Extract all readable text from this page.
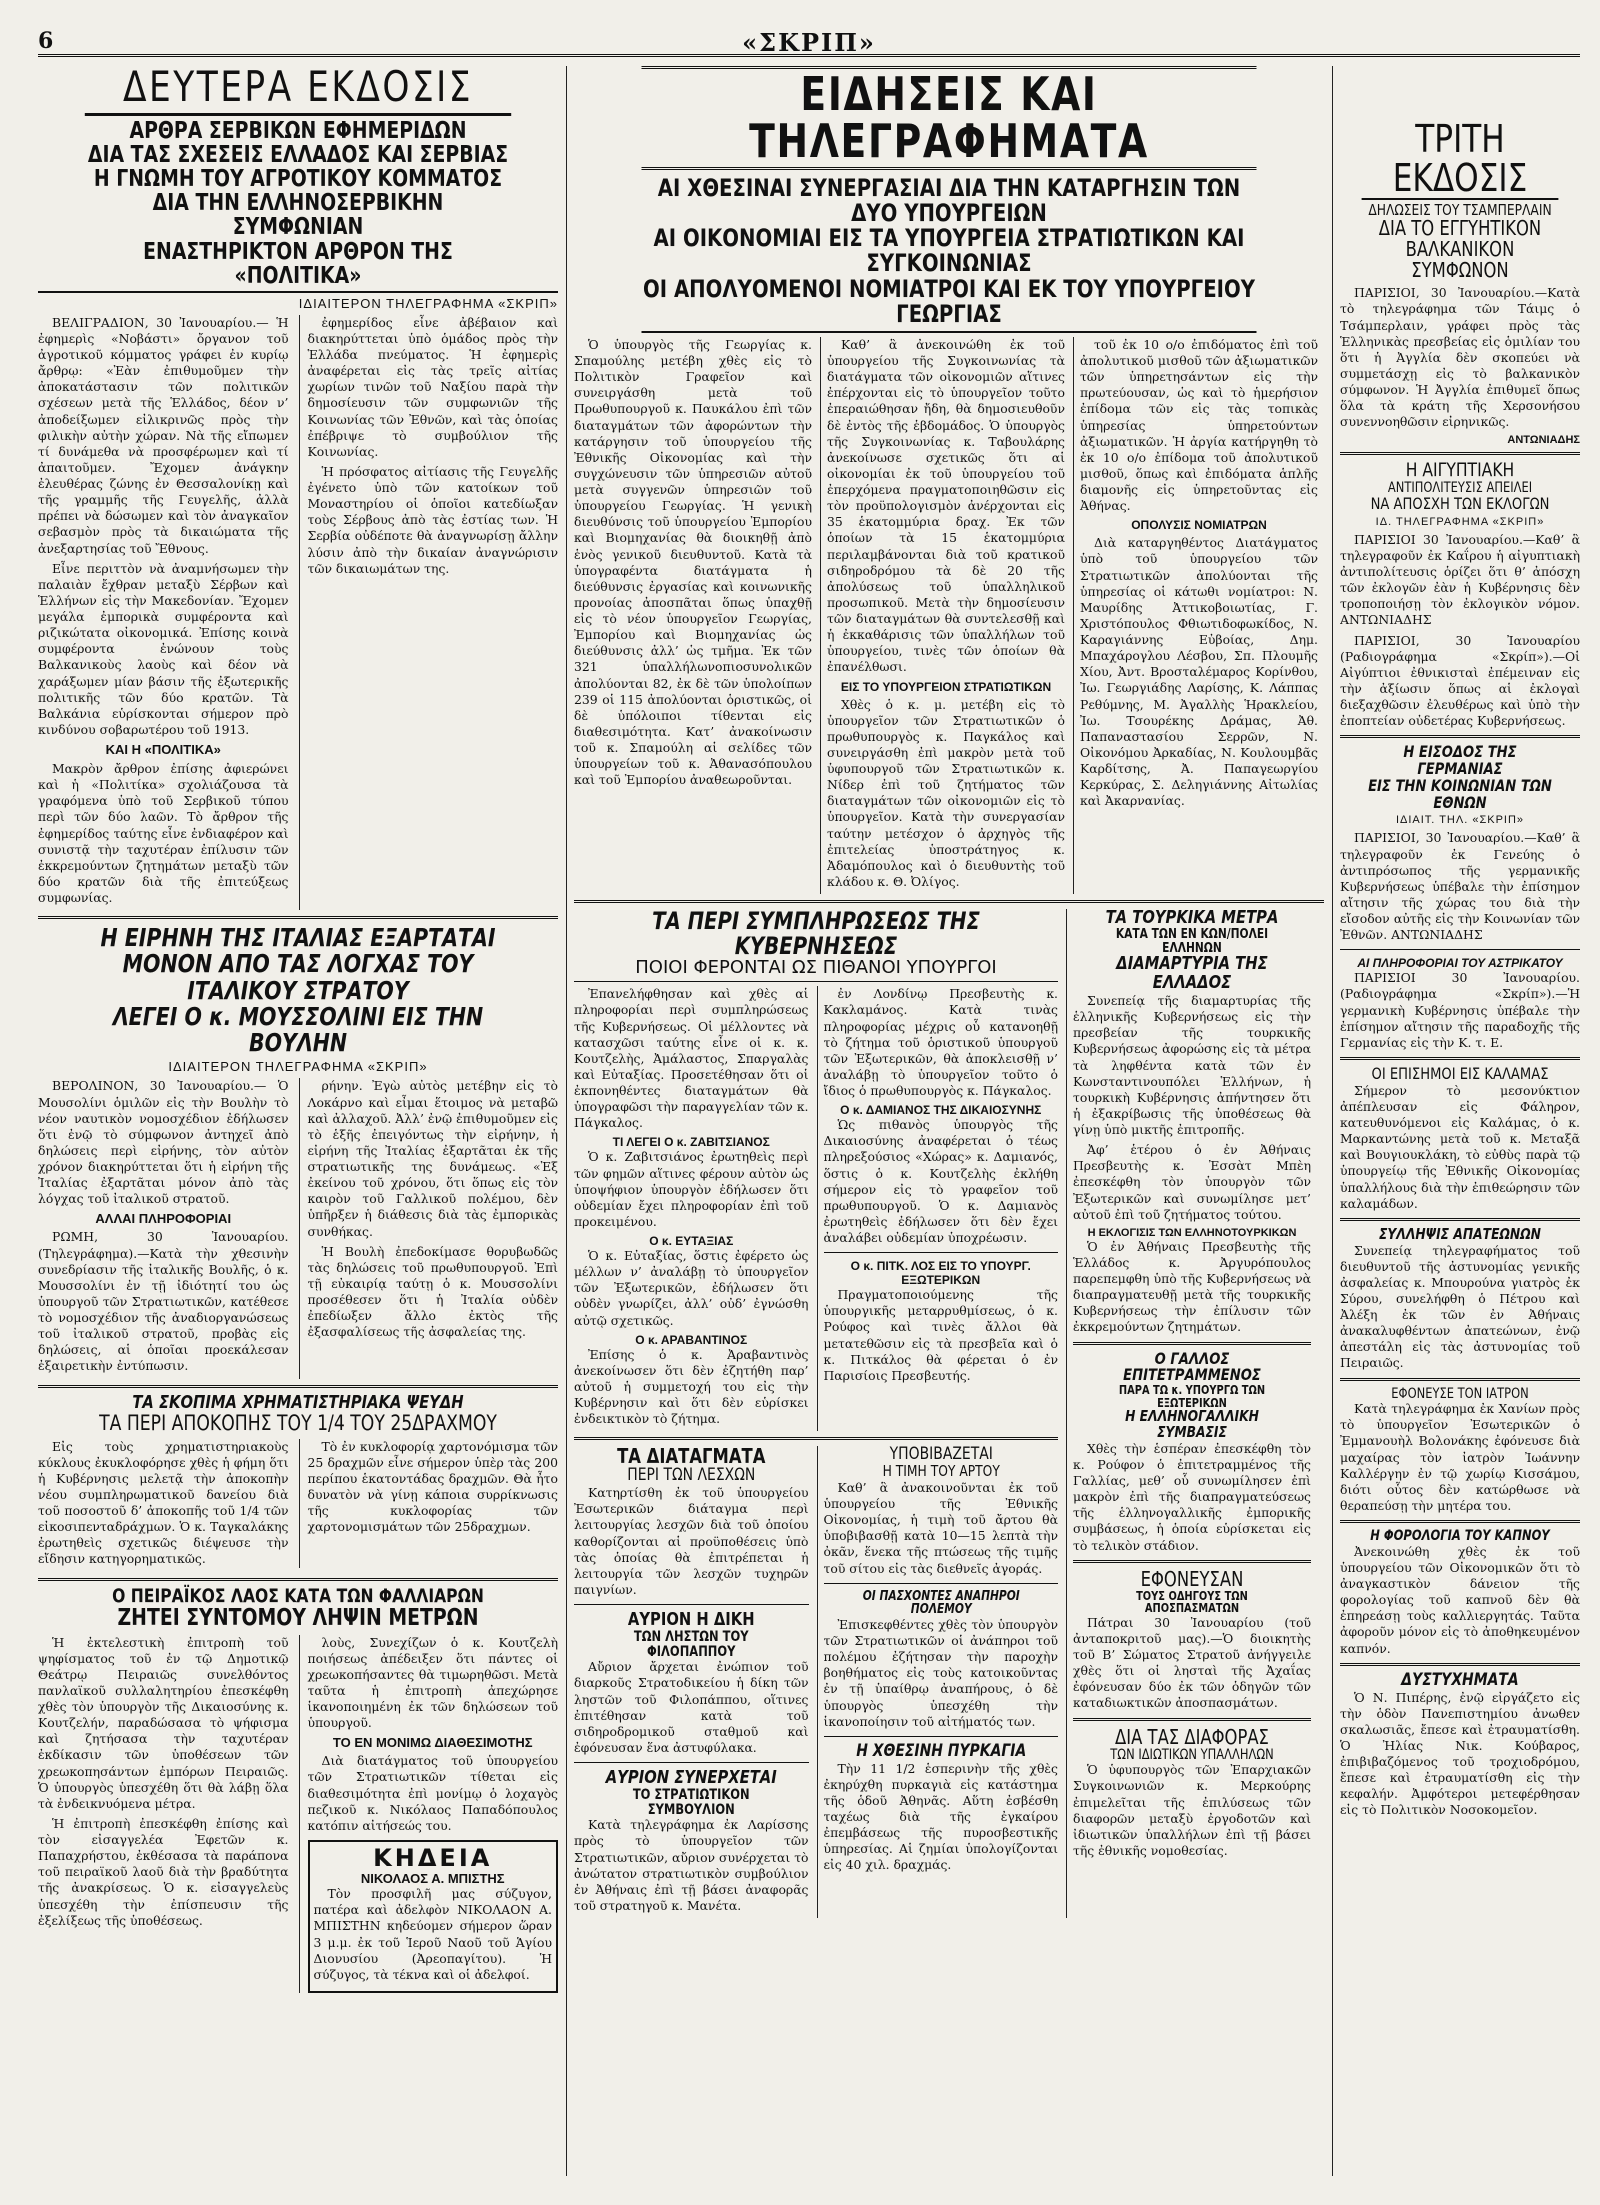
6	«ΣΚΡΙΠ»
ΔΕΥΤΕΡΑ ΕΚΔΟΣΙΣ
ΑΡΘΡΑ ΣΕΡΒΙΚΩΝ ΕΦΗΜΕΡΙΔΩΝ
ΔΙΑ ΤΑΣ ΣΧΕΣΕΙΣ ΕΛΛΑΔΟΣ ΚΑΙ ΣΕΡΒΙΑΣ
Η ΓΝΩΜΗ ΤΟΥ ΑΓΡΟΤΙΚΟΥ ΚΟΜΜΑΤΟΣ
ΔΙΑ ΤΗΝ ΕΛΛΗΝΟΣΕΡΒΙΚΗΝ ΣΥΜΦΩΝΙΑΝ
ΕΝΑΣΤΗΡΙΚΤΟΝ ΑΡΘΡΟΝ ΤΗΣ «ΠΟΛΙΤΙΚΑ»
ΙΔΙΑΙΤΕΡΟΝ ΤΗΛΕΓΡΑΦΗΜΑ «ΣΚΡΙΠ»

ΒΕΛΙΓΡΑΔΙΟΝ, 30 Ἰανουαρίου.— Ἡ ἐφημερὶς «Νοβάστι» ὄργανον τοῦ ἀγροτικοῦ κόμματος γράφει ἐν κυρίῳ ἄρθρῳ: «Ἐὰν ἐπιθυμοῦμεν τὴν ἀποκατάστασιν τῶν πολιτικῶν σχέσεων μετὰ τῆς Ἑλλάδος, δέον ν’ ἀποδείξωμεν εἰλικρινῶς πρὸς τὴν φιλικὴν αὐτὴν χώραν. Νὰ τῆς εἴπωμεν τί δυνάμεθα νὰ προσφέρωμεν καὶ τί ἀπαιτοῦμεν. Ἔχομεν ἀνάγκην ἐλευθέρας ζώνης ἐν Θεσσαλονίκῃ καὶ τῆς γραμμῆς τῆς Γευγελῆς, ἀλλὰ πρέπει νὰ δώσωμεν καὶ τὸν ἀναγκαῖον σεβασμὸν πρὸς τὰ δικαιώματα τῆς ἀνεξαρτησίας τοῦ Ἔθνους.

Εἶνε περιττὸν νὰ ἀναμνήσωμεν τὴν παλαιὰν ἔχθραν μεταξὺ Σέρβων καὶ Ἑλλήνων εἰς τὴν Μακεδονίαν. Ἔχομεν μεγάλα ἐμπορικὰ συμφέροντα καὶ ριζικώτατα οἰκονομικά. Ἐπίσης κοινὰ συμφέροντα ἐνώνουν τοὺς Βαλκανικοὺς λαοὺς καὶ δέον νὰ χαράξωμεν μίαν βάσιν τῆς ἐξωτερικῆς πολιτικῆς τῶν δύο κρατῶν. Τὰ Βαλκάνια εὑρίσκονται σήμερον πρὸ κινδύνου σοβαρωτέρου τοῦ 1913.

ΚΑΙ Η «ΠΟΛΙΤΙΚΑ»

Μακρὸν ἄρθρον ἐπίσης ἀφιερώνει καὶ ἡ «Πολιτίκα» σχολιάζουσα τὰ γραφόμενα ὑπὸ τοῦ Σερβικοῦ τύπου περὶ τῶν δύο λαῶν. Τὸ ἄρθρον τῆς ἐφημερίδος ταύτης εἶνε ἐνδιαφέρον καὶ συνιστᾷ τὴν ταχυτέραν ἐπίλυσιν τῶν ἐκκρεμούντων ζητημάτων μεταξὺ τῶν δύο κρατῶν διὰ τῆς ἐπιτεύξεως συμφωνίας.

ἐφημερίδος εἶνε ἀβέβαιον καὶ διακηρύττεται ὑπὸ ὁμάδος πρὸς τὴν Ἑλλάδα πνεύματος. Ἡ ἐφημερὶς ἀναφέρεται εἰς τὰς τρεῖς αἰτίας χωρίων τινῶν τοῦ Ναξίου παρὰ τὴν δημοσίευσιν τῶν συμφωνιῶν τῆς Κοινωνίας τῶν Ἐθνῶν, καὶ τὰς ὁποίας ἐπέβριψε τὸ συμβούλιον τῆς Κοινωνίας.

Ἡ πρόσφατος αἰτίασις τῆς Γευγελῆς ἐγένετο ὑπὸ τῶν κατοίκων τοῦ Μοναστηρίου οἱ ὁποῖοι κατεδίωξαν τοὺς Σέρβους ἀπὸ τὰς ἐστίας των. Ἡ Σερβία οὐδέποτε θὰ ἀναγνωρίσῃ ἄλλην λύσιν ἀπὸ τὴν δικαίαν ἀναγνώρισιν τῶν δικαιωμάτων της.

Η ΕΙΡΗΝΗ ΤΗΣ ΙΤΑΛΙΑΣ ΕΞΑΡΤΑΤΑΙ
ΜΟΝΟΝ ΑΠΟ ΤΑΣ ΛΟΓΧΑΣ ΤΟΥ ΙΤΑΛΙΚΟΥ ΣΤΡΑΤΟΥ
ΛΕΓΕΙ Ο κ. ΜΟΥΣΣΟΛΙΝΙ ΕΙΣ ΤΗΝ ΒΟΥΛΗΝ
ΙΔΙΑΙΤΕΡΟΝ ΤΗΛΕΓΡΑΦΗΜΑ «ΣΚΡΙΠ»

ΒΕΡΟΛΙΝΟΝ, 30 Ἰανουαρίου.— Ὁ Μουσολίνι ὁμιλῶν εἰς τὴν Βουλὴν τὸ νέον ναυτικὸν νομοσχέδιον ἐδήλωσεν ὅτι ἐνῷ τὸ σύμφωνον ἀντηχεῖ ἀπὸ δηλώσεις περὶ εἰρήνης, τὸν αὐτὸν χρόνον διακηρύττεται ὅτι ἡ εἰρήνη τῆς Ἰταλίας ἐξαρτᾶται μόνον ἀπὸ τὰς λόγχας τοῦ ἰταλικοῦ στρατοῦ.

ΑΛΛΑΙ ΠΛΗΡΟΦΟΡΙΑΙ

ΡΩΜΗ, 30 Ἰανουαρίου. (Τηλεγράφημα).—Κατὰ τὴν χθεσινὴν συνεδρίασιν τῆς ἰταλικῆς Βουλῆς, ὁ κ. Μουσσολίνι ἐν τῇ ἰδιότητί του ὡς ὑπουργοῦ τῶν Στρατιωτικῶν, κατέθεσε τὸ νομοσχέδιον τῆς ἀναδιοργανώσεως τοῦ ἰταλικοῦ στρατοῦ, προβὰς εἰς δηλώσεις, αἱ ὁποῖαι προεκάλεσαν ἐξαιρετικὴν ἐντύπωσιν.

ρήνην. Ἐγὼ αὐτὸς μετέβην εἰς τὸ Λοκάρνο καὶ εἶμαι ἕτοιμος νὰ μεταβῶ καὶ ἀλλαχοῦ. Ἀλλ’ ἐνῷ ἐπιθυμοῦμεν εἰς τὸ ἑξῆς ἐπειγόντως τὴν εἰρήνην, ἡ εἰρήνη τῆς Ἰταλίας ἐξαρτᾶται ἐκ τῆς στρατιωτικῆς της δυνάμεως. «Ἐξ ἐκείνου τοῦ χρόνου, ὅτι ὅπως εἰς τὸν καιρὸν τοῦ Γαλλικοῦ πολέμου, δὲν ὑπῆρξεν ἡ διάθεσις διὰ τὰς ἐμπορικὰς συνθήκας.

Ἡ Βουλὴ ἐπεδοκίμασε θορυβωδῶς τὰς δηλώσεις τοῦ πρωθυπουργοῦ. Ἐπὶ τῇ εὐκαιρίᾳ ταύτῃ ὁ κ. Μουσσολίνι προσέθεσεν ὅτι ἡ Ἰταλία οὐδὲν ἐπεδίωξεν ἄλλο ἐκτὸς τῆς ἐξασφαλίσεως τῆς ἀσφαλείας της.

ΤΑ ΣΚΟΠΙΜΑ ΧΡΗΜΑΤΙΣΤΗΡΙΑΚΑ ΨΕΥΔΗ
ΤΑ ΠΕΡΙ ΑΠΟΚΟΠΗΣ ΤΟΥ 1/4 ΤΟΥ 25ΔΡΑΧΜΟΥ

Εἰς τοὺς χρηματιστηριακοὺς κύκλους ἐκυκλοφόρησε χθὲς ἡ φήμη ὅτι ἡ Κυβέρνησις μελετᾷ τὴν ἀποκοπὴν νέου συμπληρωματικοῦ δανείου διὰ τοῦ ποσοστοῦ δ’ ἀποκοπῆς τοῦ 1/4 τῶν εἰκοσιπενταδράχμων. Ὁ κ. Ταγκαλάκης ἐρωτηθεὶς σχετικῶς διέψευσε τὴν εἴδησιν κατηγορηματικῶς.

Τὸ ἐν κυκλοφορίᾳ χαρτονόμισμα τῶν 25 δραχμῶν εἶνε σήμερον ὑπὲρ τὰς 200 περίπου ἑκατοντάδας δραχμῶν. Θὰ ἦτο δυνατὸν νὰ γίνῃ κάποια συρρίκνωσις τῆς κυκλοφορίας τῶν χαρτονομισμάτων τῶν 25δραχμων.

Ο ΠΕΙΡΑΪΚΟΣ ΛΑΟΣ ΚΑΤΑ ΤΩΝ ΦΑΛΛΙΑΡΩΝ
ΖΗΤΕΙ ΣΥΝΤΟΜΟΥ ΛΗΨΙΝ ΜΕΤΡΩΝ

Ἡ ἐκτελεστικὴ ἐπιτροπὴ τοῦ ψηφίσματος τοῦ ἐν τῷ Δημοτικῷ Θεάτρῳ Πειραιῶς συνελθόντος πανλαϊκοῦ συλλαλητηρίου ἐπεσκέφθη χθὲς τὸν ὑπουργὸν τῆς Δικαιοσύνης κ. Κουτζελήν, παραδώσασα τὸ ψήφισμα καὶ ζητήσασα τὴν ταχυτέραν ἐκδίκασιν τῶν ὑποθέσεων τῶν χρεωκοπησάντων ἐμπόρων Πειραιῶς. Ὁ ὑπουργὸς ὑπεσχέθη ὅτι θὰ λάβῃ ὅλα τὰ ἐνδεικνυόμενα μέτρα.

Ἡ ἐπιτροπὴ ἐπεσκέφθη ἐπίσης καὶ τὸν εἰσαγγελέα Ἐφετῶν κ. Παπαχρήστου, ἐκθέσασα τὰ παράπονα τοῦ πειραϊκοῦ λαοῦ διὰ τὴν βραδύτητα τῆς ἀνακρίσεως. Ὁ κ. εἰσαγγελεὺς ὑπεσχέθη τὴν ἐπίσπευσιν τῆς ἐξελίξεως τῆς ὑποθέσεως.

λοὺς, Συνεχίζων ὁ κ. Κουτζελὴ ποιήσεως ἀπέδειξεν ὅτι πάντες οἱ χρεωκοπήσαντες θὰ τιμωρηθῶσι. Μετὰ ταῦτα ἡ ἐπιτροπὴ ἀπεχώρησε ἱκανοποιημένη ἐκ τῶν δηλώσεων τοῦ ὑπουργοῦ.

ΤΟ ΕΝ ΜΟΝΙΜΩ ΔΙΑΘΕΣΙΜΟΤΗΣ

Διὰ διατάγματος τοῦ ὑπουργείου τῶν Στρατιωτικῶν τίθεται εἰς διαθεσιμότητα ἐπὶ μονίμῳ ὁ λοχαγὸς πεζικοῦ κ. Νικόλαος Παπαδόπουλος κατόπιν αἰτήσεώς του.

ΚΗΔΕΙΑ
ΝΙΚΟΛΑΟΣ Α. ΜΠΙΣΤΗΣ

Τὸν προσφιλῆ μας σύζυγον, πατέρα καὶ ἀδελφὸν ΝΙΚΟΛΑΟΝ Α. ΜΠΙΣΤΗΝ κηδεύομεν σήμερον ὥραν 3 μ.μ. ἐκ τοῦ Ἱεροῦ Ναοῦ τοῦ Ἁγίου Διονυσίου (Ἀρεοπαγίτου). Ἡ σύζυγος, τὰ τέκνα καὶ οἱ ἀδελφοί.

ΕΙΔΗΣΕΙΣ ΚΑΙ ΤΗΛΕΓΡΑΦΗΜΑΤΑ
ΑΙ ΧΘΕΣΙΝΑΙ ΣΥΝΕΡΓΑΣΙΑΙ ΔΙΑ ΤΗΝ ΚΑΤΑΡΓΗΣΙΝ ΤΩΝ ΔΥΟ ΥΠΟΥΡΓΕΙΩΝ
ΑΙ ΟΙΚΟΝΟΜΙΑΙ ΕΙΣ ΤΑ ΥΠΟΥΡΓΕΙΑ ΣΤΡΑΤΙΩΤΙΚΩΝ ΚΑΙ ΣΥΓΚΟΙΝΩΝΙΑΣ
ΟΙ ΑΠΟΛΥΟΜΕΝΟΙ ΝΟΜΙΑΤΡΟΙ ΚΑΙ ΕΚ ΤΟΥ ΥΠΟΥΡΓΕΙΟΥ ΓΕΩΡΓΙΑΣ

Ὁ ὑπουργὸς τῆς Γεωργίας κ. Σπαμούλης μετέβη χθὲς εἰς τὸ Πολιτικὸν Γραφεῖον καὶ συνειργάσθη μετὰ τοῦ Πρωθυπουργοῦ κ. Παυκάλου ἐπὶ τῶν διαταγμάτων τῶν ἀφορώντων τὴν κατάργησιν τοῦ ὑπουργείου τῆς Ἐθνικῆς Οἰκονομίας καὶ τὴν συγχώνευσιν τῶν ὑπηρεσιῶν αὐτοῦ μετὰ συγγενῶν ὑπηρεσιῶν τοῦ ὑπουργείου Γεωργίας. Ἡ γενικὴ διευθύνσις τοῦ ὑπουργείου Ἐμπορίου καὶ Βιομηχανίας θὰ διοικηθῇ ἀπὸ ἑνὸς γενικοῦ διευθυντοῦ. Κατὰ τὰ ὑπογραφέντα διατάγματα ἡ διεύθυνσις ἐργασίας καὶ κοινωνικῆς προνοίας ἀποσπᾶται ὅπως ὑπαχθῇ εἰς τὸ νέον ὑπουργεῖον Γεωργίας, Ἐμπορίου καὶ Βιομηχανίας ὡς διεύθυνσις ἀλλ’ ὡς τμῆμα. Ἐκ τῶν 321 ὑπαλλήλωνοπιοσυνολικῶν ἀπολύονται 82, ἐκ δὲ τῶν ὑπολοίπων 239 οἱ 115 ἀπολύονται ὁριστικῶς, οἱ δὲ ὑπόλοιποι τίθενται εἰς διαθεσιμότητα. Κατ’ ἀνακοίνωσιν τοῦ κ. Σπαμούλη αἱ σελίδες τῶν ὑπουργείων τοῦ κ. Ἀθανασόπουλου καὶ τοῦ Ἐμπορίου ἀναθεωροῦνται.

Καθ’ ἃ ἀνεκοινώθη ἐκ τοῦ ὑπουργείου τῆς Συγκοινωνίας τὰ διατάγματα τῶν οἰκονομιῶν αἵτινες ἐπέρχονται εἰς τὸ ὑπουργεῖον τοῦτο ἐπεραιώθησαν ἤδη, θὰ δημοσιευθοῦν δὲ ἐντὸς τῆς ἑβδομάδος. Ὁ ὑπουργὸς τῆς Συγκοινωνίας κ. Ταβουλάρης ἀνεκοίνωσε σχετικῶς ὅτι αἱ οἰκονομίαι ἐκ τοῦ ὑπουργείου τοῦ ἐπερχόμενα πραγματοποιηθῶσιν εἰς τὸν προϋπολογισμὸν ἀνέρχονται εἰς 35 ἑκατομμύρια δραχ. Ἐκ τῶν ὁποίων τὰ 15 ἑκατομμύρια περιλαμβάνονται διὰ τοῦ κρατικοῦ σιδηροδρόμου τὰ δὲ 20 τῆς ἀπολύσεως τοῦ ὑπαλληλικοῦ προσωπικοῦ. Μετὰ τὴν δημοσίευσιν τῶν διαταγμάτων θὰ συντελεσθῇ καὶ ἡ ἐκκαθάρισις τῶν ὑπαλλήλων τοῦ ὑπουργείου, τινὲς τῶν ὁποίων θὰ ἐπανέλθωσι.

ΕΙΣ ΤΟ ΥΠΟΥΡΓΕΙΟΝ ΣΤΡΑΤΙΩΤΙΚΩΝ

Χθὲς ὁ κ. μ. μετέβη εἰς τὸ ὑπουργεῖον τῶν Στρατιωτικῶν ὁ πρωθυπουργὸς κ. Παγκάλος καὶ συνειργάσθη ἐπὶ μακρὸν μετὰ τοῦ ὑφυπουργοῦ τῶν Στρατιωτικῶν κ. Νίδερ ἐπὶ τοῦ ζητήματος τῶν διαταγμάτων τῶν οἰκονομιῶν εἰς τὸ ὑπουργεῖον. Κατὰ τὴν συνεργασίαν ταύτην μετέσχον ὁ ἀρχηγὸς τῆς ἐπιτελείας ὑποστράτηγος κ. Ἀδαμόπουλος καὶ ὁ διευθυντὴς τοῦ κλάδου κ. Θ. Ὀλίγος.

τοῦ ἐκ 10 ο/ο ἐπιδόματος ἐπὶ τοῦ ἀπολυτικοῦ μισθοῦ τῶν ἀξιωματικῶν τῶν ὑπηρετησάντων εἰς τὴν πρωτεύουσαν, ὡς καὶ τὸ ἡμερήσιον ἐπίδομα τῶν εἰς τὰς τοπικὰς ὑπηρεσίας ὑπηρετούντων ἀξιωματικῶν. Ἡ ἀργία κατήργηθη τὸ ἐκ 10 ο/ο ἐπίδομα τοῦ ἀπολυτικοῦ μισθοῦ, ὅπως καὶ ἐπιδόματα ἁπλῆς διαμονῆς εἰς ὑπηρετοῦντας εἰς Ἀθήνας.

ΟΠΟΛΥΣΙΣ ΝΟΜΙΑΤΡΩΝ

Διὰ καταργηθέντος Διατάγματος ὑπὸ τοῦ ὑπουργείου τῶν Στρατιωτικῶν ἀπολύονται τῆς ὑπηρεσίας οἱ κάτωθι νομίατροι: Ν. Μαυρίδης Ἀττικοβοιωτίας, Γ. Χριστόπουλος Φθιωτιδοφωκίδος, Ν. Καραγιάννης Εὐβοίας, Δημ. Μπαχάρογλου Λέσβου, Σπ. Πλουμῆς Χίου, Ἀντ. Βροσταλέμαρος Κορίνθου, Ἰω. Γεωργιάδης Λαρίσης, Κ. Λάππας Ρεθύμνης, Μ. Ἀγαλλὴς Ἡρακλείου, Ἰω. Τσουρέκης Δράμας, Ἀθ. Παπαναστασίου Σερρῶν, Ν. Οἰκονόμου Ἀρκαδίας, Ν. Κουλουμβᾶς Καρδίτσης, Ἀ. Παπαγεωργίου Κερκύρας, Σ. Δεληγιάννης Αἰτωλίας καὶ Ἀκαρνανίας.

ΤΑ ΠΕΡΙ ΣΥΜΠΛΗΡΩΣΕΩΣ ΤΗΣ ΚΥΒΕΡΝΗΣΕΩΣ
ΠΟΙΟΙ ΦΕΡΟΝΤΑΙ ΩΣ ΠΙΘΑΝΟΙ ΥΠΟΥΡΓΟΙ

Ἐπανελήφθησαν καὶ χθὲς αἱ πληροφορίαι περὶ συμπληρώσεως τῆς Κυβερνήσεως. Οἱ μέλλοντες νὰ κατασχῶσι ταύτης εἶνε οἱ κ. κ. Κουτζελὴς, Ἀμάλαστος, Σπαργαλὰς καὶ Εὐταξίας. Προσετέθησαν ὅτι οἱ ἐκπονηθέντες διαταγμάτων θὰ ὑπογραφῶσι τὴν παραγγελίαν τῶν κ. Πάγκαλος.

ΤΙ ΛΕΓΕΙ Ο κ. ΖΑΒΙΤΣΙΑΝΟΣ

Ὁ κ. Ζαβιτσιάνος ἐρωτηθεὶς περὶ τῶν φημῶν αἵτινες φέρουν αὐτὸν ὡς ὑποψήφιον ὑπουργὸν ἐδήλωσεν ὅτι οὐδεμίαν ἔχει πληροφορίαν ἐπὶ τοῦ προκειμένου.

Ο κ. ΕΥΤΑΞΙΑΣ

Ὁ κ. Εὐταξίας, ὅστις ἐφέρετο ὡς μέλλων ν’ ἀναλάβῃ τὸ ὑπουργεῖον τῶν Ἐξωτερικῶν, ἐδήλωσεν ὅτι οὐδὲν γνωρίζει, ἀλλ’ οὐδ’ ἐγνώσθη αὐτῷ σχετικῶς.

Ο κ. ΑΡΑΒΑΝΤΙΝΟΣ

Ἐπίσης ὁ κ. Ἀραβαντινὸς ἀνεκοίνωσεν ὅτι δὲν ἐζητήθη παρ’ αὐτοῦ ἡ συμμετοχή του εἰς τὴν Κυβέρνησιν καὶ ὅτι δὲν εὑρίσκει ἐνδεικτικὸν τὸ ζήτημα.

ἐν Λονδίνῳ Πρεσβευτὴς κ. Κακλαμάνος. Κατὰ τινὰς πληροφορίας μέχρις οὗ κατανοηθῇ τὸ ζήτημα τοῦ ὁριστικοῦ ὑπουργοῦ τῶν Ἐξωτερικῶν, θὰ ἀποκλεισθῇ ν’ ἀναλάβῃ τὸ ὑπουργεῖον τοῦτο ὁ ἴδιος ὁ πρωθυπουργὸς κ. Πάγκαλος.

Ο κ. ΔΑΜΙΑΝΟΣ ΤΗΣ ΔΙΚΑΙΟΣΥΝΗΣ

Ὡς πιθανὸς ὑπουργὸς τῆς Δικαιοσύνης ἀναφέρεται ὁ τέως πληρεξούσιος «Χώρας» κ. Δαμιανός, ὅστις ὁ κ. Κουτζελὴς ἐκλήθη σήμερον εἰς τὸ γραφεῖον τοῦ πρωθυπουργοῦ. Ὁ κ. Δαμιανὸς ἐρωτηθεὶς ἐδήλωσεν ὅτι δὲν ἔχει ἀναλάβει οὐδεμίαν ὑποχρέωσιν.

Ο κ. ΠΙΤΚ. ΛΟΣ ΕΙΣ ΤΟ ΥΠΟΥΡΓ. ΕΞΩΤΕΡΙΚΩΝ

Πραγματοποιούμενης τῆς ὑπουργικῆς μεταρρυθμίσεως, ὁ κ. Ρούφος καὶ τινὲς ἄλλοι θὰ μετατεθῶσιν εἰς τὰ πρεσβεῖα καὶ ὁ κ. Πιτκάλος θὰ φέρεται ὁ ἐν Παρισίοις Πρεσβευτής.

ΤΑ ΔΙΑΤΑΓΜΑΤΑ
ΠΕΡΙ ΤΩΝ ΛΕΣΧΩΝ

Κατηρτίσθη ἐκ τοῦ ὑπουργείου Ἐσωτερικῶν διάταγμα περὶ λειτουργίας λεσχῶν διὰ τοῦ ὁποίου καθορίζονται αἱ προϋποθέσεις ὑπὸ τὰς ὁποίας θὰ ἐπιτρέπεται ἡ λειτουργία τῶν λεσχῶν τυχηρῶν παιγνίων.

ΑΥΡΙΟΝ Η ΔΙΚΗ
ΤΩΝ ΛΗΣΤΩΝ ΤΟΥ ΦΙΛΟΠΑΠΠΟΥ

Αὔριον ἄρχεται ἐνώπιον τοῦ διαρκοῦς Στρατοδικείου ἡ δίκη τῶν ληστῶν τοῦ Φιλοπάππου, οἵτινες ἐπιτέθησαν κατὰ τοῦ σιδηροδρομικοῦ σταθμοῦ καὶ ἐφόνευσαν ἕνα ἀστυφύλακα.

ΑΥΡΙΟΝ ΣΥΝΕΡΧΕΤΑΙ
ΤΟ ΣΤΡΑΤΙΩΤΙΚΟΝ ΣΥΜΒΟΥΛΙΟΝ

Κατὰ τηλεγράφημα ἐκ Λαρίσσης πρὸς τὸ ὑπουργεῖον τῶν Στρατιωτικῶν, αὔριον συνέρχεται τὸ ἀνώτατον στρατιωτικὸν συμβούλιον ἐν Ἀθήναις ἐπὶ τῇ βάσει ἀναφορᾶς τοῦ στρατηγοῦ κ. Μανέτα.

ΥΠΟΒΙΒΑΖΕΤΑΙ
Η ΤΙΜΗ ΤΟΥ ΑΡΤΟΥ

Καθ’ ἃ ἀνακοινοῦνται ἐκ τοῦ ὑπουργείου τῆς Ἐθνικῆς Οἰκονομίας, ἡ τιμὴ τοῦ ἄρτου θὰ ὑποβιβασθῇ κατὰ 10—15 λεπτὰ τὴν ὀκᾶν, ἕνεκα τῆς πτώσεως τῆς τιμῆς τοῦ σίτου εἰς τὰς διεθνεῖς ἀγοράς.

ΟΙ ΠΑΣΧΟΝΤΕΣ ΑΝΑΠΗΡΟΙ ΠΟΛΕΜΟΥ

Ἐπισκεφθέντες χθὲς τὸν ὑπουργὸν τῶν Στρατιωτικῶν οἱ ἀνάπηροι τοῦ πολέμου ἐζήτησαν τὴν παροχὴν βοηθήματος εἰς τοὺς κατοικοῦντας ἐν τῇ ὑπαίθρῳ ἀναπήρους, ὁ δὲ ὑπουργὸς ὑπεσχέθη τὴν ἱκανοποίησιν τοῦ αἰτήματός των.

Η ΧΘΕΣΙΝΗ ΠΥΡΚΑΓΙΑ

Τὴν 11 1/2 ἑσπερινὴν τῆς χθὲς ἐκηρύχθη πυρκαγιὰ εἰς κατάστημα τῆς ὁδοῦ Ἀθηνᾶς. Αὕτη ἐσβέσθη ταχέως διὰ τῆς ἐγκαίρου ἐπεμβάσεως τῆς πυροσβεστικῆς ὑπηρεσίας. Αἱ ζημίαι ὑπολογίζονται εἰς 40 χιλ. δραχμάς.

ΤΑ ΤΟΥΡΚΙΚΑ ΜΕΤΡΑ
ΚΑΤΑ ΤΩΝ ΕΝ ΚΩΝ/ΠΟΛΕΙ ΕΛΛΗΝΩΝ
ΔΙΑΜΑΡΤΥΡΙΑ ΤΗΣ ΕΛΛΑΔΟΣ

Συνεπείᾳ τῆς διαμαρτυρίας τῆς ἑλληνικῆς Κυβερνήσεως εἰς τὴν πρεσβείαν τῆς τουρκικῆς Κυβερνήσεως ἀφορώσης εἰς τὰ μέτρα τὰ ληφθέντα κατὰ τῶν ἐν Κωνσταντινουπόλει Ἑλλήνων, ἡ τουρκικὴ Κυβέρνησις ἀπήντησεν ὅτι ἡ ἐξακρίβωσις τῆς ὑποθέσεως θὰ γίνῃ ὑπὸ μικτῆς ἐπιτροπῆς.

Ἀφ’ ἑτέρου ὁ ἐν Ἀθήναις Πρεσβευτὴς κ. Ἐσσὰτ Μπὲη ἐπεσκέφθη τὸν ὑπουργὸν τῶν Ἐξωτερικῶν καὶ συνωμίλησε μετ’ αὐτοῦ ἐπὶ τοῦ ζητήματος τούτου.

Η ΕΚΛΟΓΙΣΙΣ ΤΩΝ ΕΛΛΗΝΟΤΟΥΡΚΙΚΩΝ

Ὁ ἐν Ἀθήναις Πρεσβευτὴς τῆς Ἑλλάδος κ. Ἀργυρόπουλος παρεπεμφθη ὑπὸ τῆς Κυβερνήσεως νὰ διαπραγματευθῇ μετὰ τῆς τουρκικῆς Κυβερνήσεως τὴν ἐπίλυσιν τῶν ἐκκρεμούντων ζητημάτων.

Ο ΓΑΛΛΟΣ ΕΠΙΤΕΤΡΑΜΜΕΝΟΣ
ΠΑΡΑ ΤΩ κ. ΥΠΟΥΡΓΩ ΤΩΝ ΕΞΩΤΕΡΙΚΩΝ
Η ΕΛΛΗΝΟΓΑΛΛΙΚΗ ΣΥΜΒΑΣΙΣ

Χθὲς τὴν ἑσπέραν ἐπεσκέφθη τὸν κ. Ρούφον ὁ ἐπιτετραμμένος τῆς Γαλλίας, μεθ’ οὗ συνωμίλησεν ἐπὶ μακρὸν ἐπὶ τῆς διαπραγματεύσεως τῆς ἑλληνογαλλικῆς ἐμπορικῆς συμβάσεως, ἡ ὁποία εὑρίσκεται εἰς τὸ τελικὸν στάδιον.

ΕΦΟΝΕΥΣΑΝ
ΤΟΥΣ ΟΔΗΓΟΥΣ ΤΩΝ ΑΠΟΣΠΑΣΜΑΤΩΝ

Πάτραι 30 Ἰανουαρίου (τοῦ ἀνταποκριτοῦ μας).—Ὁ διοικητὴς τοῦ Β’ Σώματος Στρατοῦ ἀνήγγειλε χθὲς ὅτι οἱ λησταὶ τῆς Ἀχαΐας ἐφόνευσαν δύο ἐκ τῶν ὁδηγῶν τῶν καταδιωκτικῶν ἀποσπασμάτων.

ΔΙΑ ΤΑΣ ΔΙΑΦΟΡΑΣ
ΤΩΝ ΙΔΙΩΤΙΚΩΝ ΥΠΑΛΛΗΛΩΝ

Ὁ ὑφυπουργὸς τῶν Ἐπαρχιακῶν Συγκοινωνιῶν κ. Μερκούρης ἐπιμελεῖται τῆς ἐπιλύσεως τῶν διαφορῶν μεταξὺ ἐργοδοτῶν καὶ ἰδιωτικῶν ὑπαλλήλων ἐπὶ τῇ βάσει τῆς ἐθνικῆς νομοθεσίας.

ΤΡΙΤΗ ΕΚΔΟΣΙΣ
ΔΗΛΩΣΕΙΣ ΤΟΥ ΤΣΑΜΠΕΡΛΑΙΝ
ΔΙΑ ΤΟ ΕΓΓΥΗΤΙΚΟΝ
ΒΑΛΚΑΝΙΚΟΝ ΣΥΜΦΩΝΟΝ

ΠΑΡΙΣΙΟΙ, 30 Ἰανουαρίου.—Κατὰ τὸ τηλεγράφημα τῶν Τάιμς ὁ Τσάμπερλαιν, γράφει πρὸς τὰς Ἑλληνικὰς πρεσβείας εἰς ὁμιλίαν του ὅτι ἡ Ἀγγλία δὲν σκοπεύει νὰ συμμετάσχῃ εἰς τὸ βαλκανικὸν σύμφωνον. Ἡ Ἀγγλία ἐπιθυμεῖ ὅπως ὅλα τὰ κράτη τῆς Χερσονήσου συνεννοηθῶσιν εἰρηνικῶς.

ΑΝΤΩΝΙΑΔΗΣ
Η ΑΙΓΥΠΤΙΑΚΗ
ΑΝΤΙΠΟΛΙΤΕΥΣΙΣ ΑΠΕΙΛΕΙ
ΝΑ ΑΠΟΣΧΗ ΤΩΝ ΕΚΛΟΓΩΝ
ΙΔ. ΤΗΛΕΓΡΑΦΗΜΑ «ΣΚΡΙΠ»

ΠΑΡΙΣΙΟΙ 30 Ἰανουαρίου.—Καθ’ ἃ τηλεγραφοῦν ἐκ Καΐρου ἡ αἰγυπτιακὴ ἀντιπολίτευσις ὁρίζει ὅτι θ’ ἀπόσχη τῶν ἐκλογῶν ἐὰν ἡ Κυβέρνησις δὲν τροποποιήσῃ τὸν ἐκλογικὸν νόμον. ΑΝΤΩΝΙΑΔΗΣ

ΠΑΡΙΣΙΟΙ, 30 Ἰανουαρίου (Ραδιογράφημα «Σκρίπ»).—Οἱ Αἰγύπτιοι ἐθνικισταὶ ἐπέμειναν εἰς τὴν ἀξίωσιν ὅπως αἱ ἐκλογαὶ διεξαχθῶσιν ἐλευθέρως καὶ ὑπὸ τὴν ἐποπτείαν οὐδετέρας Κυβερνήσεως.

Η ΕΙΣΟΔΟΣ ΤΗΣ ΓΕΡΜΑΝΙΑΣ
ΕΙΣ ΤΗΝ ΚΟΙΝΩΝΙΑΝ ΤΩΝ ΕΘΝΩΝ
ΙΔΙΑΙΤ. ΤΗΛ. «ΣΚΡΙΠ»

ΠΑΡΙΣΙΟΙ, 30 Ἰανουαρίου.—Καθ’ ἃ τηλεγραφοῦν ἐκ Γενεύης ὁ ἀντιπρόσωπος τῆς γερμανικῆς Κυβερνήσεως ὑπέβαλε τὴν ἐπίσημον αἴτησιν τῆς χώρας του διὰ τὴν εἴσοδον αὐτῆς εἰς τὴν Κοινωνίαν τῶν Ἐθνῶν. ΑΝΤΩΝΙΑΔΗΣ

ΑΙ ΠΛΗΡΟΦΟΡΙΑΙ ΤΟΥ ΑΣΤΡΙΚΑΤΟΥ

ΠΑΡΙΣΙΟΙ 30 Ἰανουαρίου. (Ραδιογράφημα «Σκρίπ»).—Ἡ γερμανικὴ Κυβέρνησις ὑπέβαλε τὴν ἐπίσημον αἴτησιν τῆς παραδοχῆς τῆς Γερμανίας εἰς τὴν Κ. τ. Ε.

ΟΙ ΕΠΙΣΗΜΟΙ ΕΙΣ ΚΑΛΑΜΑΣ

Σήμερον τὸ μεσονύκτιον ἀπέπλευσαν εἰς Φάληρον, κατευθυνόμενοι εἰς Καλάμας, ὁ κ. Μαρκαντώνης μετὰ τοῦ κ. Μεταξᾶ καὶ Βουγιουκλάκη, τὸ εὐθὺς παρὰ τῷ ὑπουργείῳ τῆς Ἐθνικῆς Οἰκονομίας ὑπαλλήλους διὰ τὴν ἐπιθεώρησιν τῶν καλαμάδων.

ΣΥΛΛΗΨΙΣ ΑΠΑΤΕΩΝΩΝ

Συνεπείᾳ τηλεγραφήματος τοῦ διευθυντοῦ τῆς ἀστυνομίας γενικῆς ἀσφαλείας κ. Μπουρούνα γιατρὸς ἐκ Σύρου, συνελήφθη ὁ Πέτρου καὶ Ἀλέξη ἐκ τῶν ἐν Ἀθήναις ἀνακαλυφθέντων ἀπατεώνων, ἐνῷ ἀπεστάλη εἰς τὰς ἀστυνομίας τοῦ Πειραιῶς.

ΕΦΟΝΕΥΣΕ ΤΟΝ ΙΑΤΡΟΝ

Κατὰ τηλεγράφημα ἐκ Χανίων πρὸς τὸ ὑπουργεῖον Ἐσωτερικῶν ὁ Ἐμμανουὴλ Βολονάκης ἐφόνευσε διὰ μαχαίρας τὸν ἰατρὸν Ἰωάννην Καλλέργην ἐν τῷ χωρίῳ Κισσάμου, διότι οὗτος δὲν κατώρθωσε νὰ θεραπεύσῃ τὴν μητέρα του.

Η ΦΟΡΟΛΟΓΙΑ ΤΟΥ ΚΑΠΝΟΥ

Ἀνεκοινώθη χθὲς ἐκ τοῦ ὑπουργείου τῶν Οἰκονομικῶν ὅτι τὸ ἀναγκαστικὸν δάνειον τῆς φορολογίας τοῦ καπνοῦ δὲν θὰ ἐπηρεάσῃ τοὺς καλλιεργητάς. Ταῦτα ἀφοροῦν μόνον εἰς τὸ ἀποθηκευμένον καπνόν.

ΔΥΣΤΥΧΗΜΑΤΑ

Ὁ Ν. Πιπέρης, ἐνῷ εἰργάζετο εἰς τὴν ὁδὸν Πανεπιστημίου ἀνωθεν σκαλωσιᾶς, ἔπεσε καὶ ἐτραυματίσθη. Ὁ Ἠλίας Νικ. Κούβαρος, ἐπιβιβαζόμενος τοῦ τροχιοδρόμου, ἔπεσε καὶ ἐτραυματίσθη εἰς τὴν κεφαλήν. Ἀμφότεροι μετεφέρθησαν εἰς τὸ Πολιτικὸν Νοσοκομεῖον.
